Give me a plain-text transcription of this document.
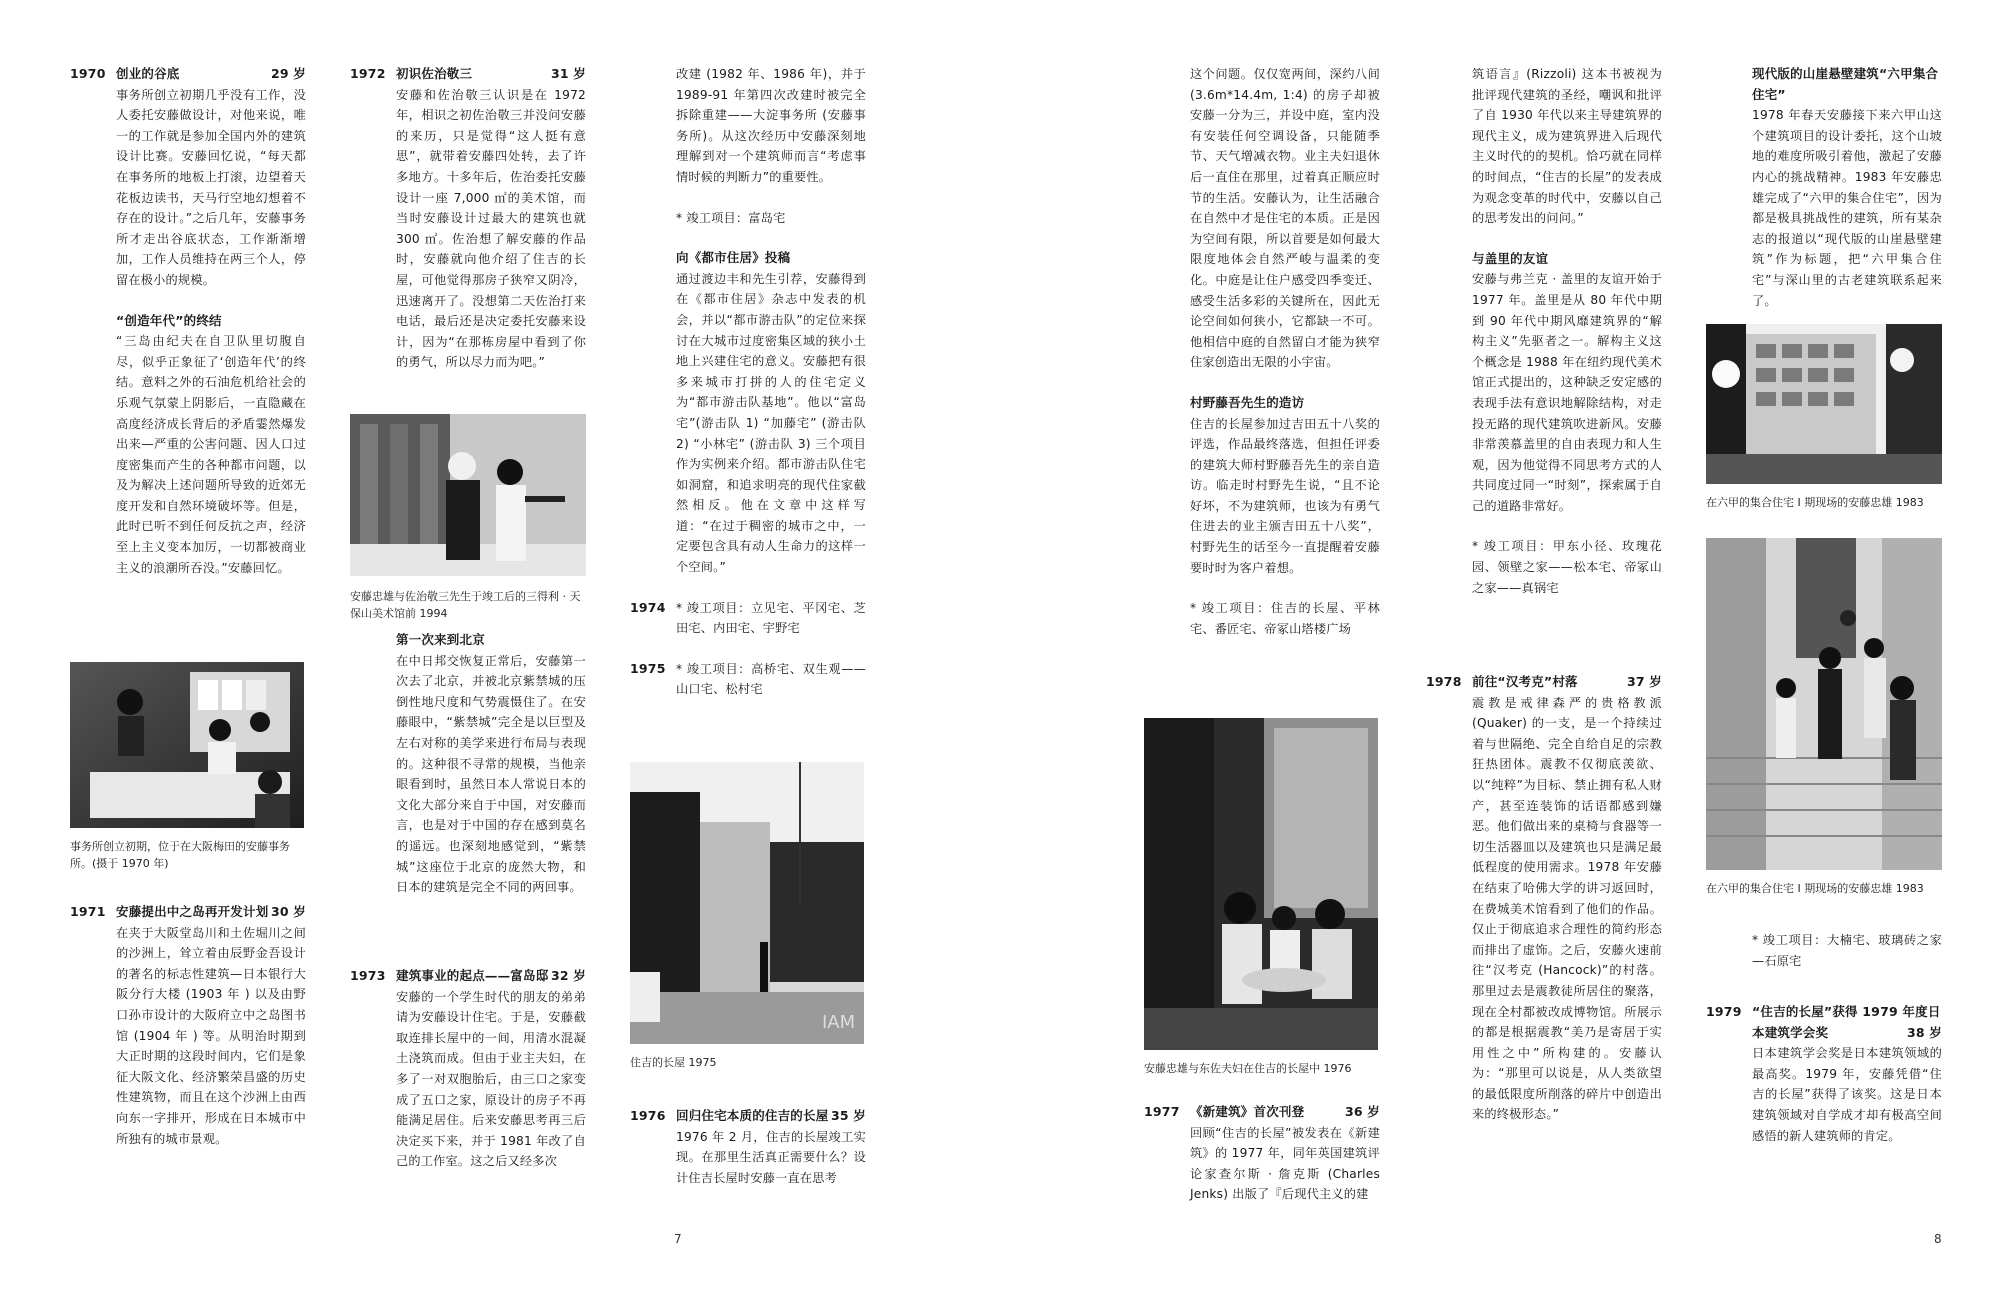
1970 创业的谷底	29 岁

事务所创立初期几乎没有工作，没人委托安藤做设计，对他来说，唯一的工作就是参加全国内外的建筑设计比赛。安藤回忆说，“每天都在事务所的地板上打滚，边望着天花板边读书，天马行空地幻想着不存在的设计。”之后几年，安藤事务所才走出谷底状态，工作渐渐增加，工作人员维持在两三个人，停留在极小的规模。

“创造年代”的终结

“三岛由纪夫在自卫队里切腹自尽，似乎正象征了‘创造年代’的终结。意料之外的石油危机给社会的乐观气氛蒙上阴影后，一直隐藏在高度经济成长背后的矛盾霎然爆发出来—严重的公害问题、因人口过度密集而产生的各种都市问题，以及为解决上述问题所导致的近郊无度开发和自然环境破坏等。但是，此时已听不到任何反抗之声，经济至上主义变本加厉，一切都被商业主义的浪潮所吞没。”安藤回忆。

事务所创立初期，位于在大阪梅田的安藤事务所。(摄于 1970 年)
1971 安藤提出中之岛再开发计划 30 岁

在夹于大阪堂岛川和土佐堀川之间的沙洲上，耸立着由辰野金吾设计的著名的标志性建筑—日本银行大阪分行大楼 (1903 年 ) 以及由野口孙市设计的大阪府立中之岛图书馆 (1904 年 ) 等。从明治时期到大正时期的这段时间内，它们是象征大阪文化、经济繁荣昌盛的历史性建筑物，而且在这个沙洲上由西向东一字排开，形成在日本城市中所独有的城市景观。

1972 初识佐治敬三	31 岁

安藤和佐治敬三认识是在 1972 年，相识之初佐治敬三并没问安藤的来历，只是觉得“这人挺有意思”，就带着安藤四处转，去了许多地方。十多年后，佐治委托安藤设计一座 7,000 ㎡的美术馆，而当时安藤设计过最大的建筑也就 300 ㎡。佐治想了解安藤的作品时，安藤就向他介绍了住吉的长屋，可他觉得那房子狭窄又阴冷，迅速离开了。没想第二天佐治打来电话，最后还是决定委托安藤来设计，因为“在那栋房屋中看到了你的勇气，所以尽力而为吧。”

安藤忠雄与佐治敬三先生于竣工后的三得利 · 天保山美术馆前 1994
第一次来到北京

在中日邦交恢复正常后，安藤第一次去了北京，并被北京紫禁城的压倒性地尺度和气势震慑住了。在安藤眼中，“紫禁城”完全是以巨型及左右对称的美学来进行布局与表现的。这种很不寻常的规模，当他亲眼看到时，虽然日本人常说日本的文化大部分来自于中国，对安藤而言，也是对于中国的存在感到莫名的遥远。也深刻地感觉到，“紫禁城”这座位于北京的庞然大物，和日本的建筑是完全不同的两回事。

1973 建筑事业的起点——富岛邸 32 岁

安藤的一个学生时代的朋友的弟弟请为安藤设计住宅。于是，安藤截取连排长屋中的一间，用清水混凝土浇筑而成。但由于业主夫妇，在多了一对双胞胎后，由三口之家变成了五口之家，原设计的房子不再能满足居住。后来安藤思考再三后决定买下来，并于 1981 年改了自己的工作室。这之后又经多次

改建 (1982 年、1986 年)，并于 1989-91 年第四次改建时被完全拆除重建——大淀事务所 (安藤事务所)。从这次经历中安藤深刻地理解到对一个建筑师而言“考虑事情时候的判断力”的重要性。

* 竣工项目：富岛宅

向《都市住居》投稿

通过渡边丰和先生引荐，安藤得到在《都市住居》杂志中发表的机会，并以“都市游击队”的定位来探讨在大城市过度密集区域的狭小土地上兴建住宅的意义。安藤把有很多来城市打拼的人的住宅定义为“都市游击队基地”。他以“富岛宅”(游击队 1) “加藤宅” (游击队 2) “小林宅” (游击队 3) 三个项目作为实例来介绍。都市游击队住宅如洞窟，和追求明亮的现代住家截然相反。他在文章中这样写道：“在过于稠密的城市之中，一定要包含具有动人生命力的这样一个空间。”

1974 * 竣工项目：立见宅、平冈宅、芝田宅、内田宅、宇野宅

1975 * 竣工项目：高桥宅、双生观——山口宅、松村宅

IAM
住吉的长屋 1975
1976 回归住宅本质的住吉的长屋 35 岁

1976 年 2 月，住吉的长屋竣工实现。在那里生活真正需要什么？设计住吉长屋时安藤一直在思考

7

这个问题。仅仅宽两间，深约八间 (3.6m*14.4m, 1:4) 的房子却被安藤一分为三，并设中庭，室内没有安装任何空调设备，只能随季节、天气增减衣物。业主夫妇退休后一直住在那里，过着真正顺应时节的生活。安藤认为，让生活融合在自然中才是住宅的本质。正是因为空间有限，所以首要是如何最大限度地体会自然严峻与温柔的变化。中庭是让住户感受四季变迁、感受生活多彩的关键所在，因此无论空间如何狭小，它都缺一不可。他相信中庭的自然留白才能为狭窄住家创造出无限的小宇宙。

村野藤吾先生的造访

住吉的长屋参加过吉田五十八奖的评选，作品最终落选，但担任评委的建筑大师村野藤吾先生的亲自造访。临走时村野先生说，“且不论好坏，不为建筑师，也该为有勇气住进去的业主颁吉田五十八奖”，村野先生的话至今一直提醒着安藤要时时为客户着想。

* 竣工项目：住吉的长屋、平林宅、番匠宅、帝冢山塔楼广场

安藤忠雄与东佐夫妇在住吉的长屋中 1976
1977 《新建筑》首次刊登	36 岁

回顾“住吉的长屋”被发表在《新建筑》的 1977 年，同年英国建筑评论家查尔斯 · 詹克斯 (Charles Jenks) 出版了『后现代主义的建

筑语言』(Rizzoli) 这本书被视为批评现代建筑的圣经，嘲讽和批评了自 1930 年代以来主导建筑界的现代主义，成为建筑界进入后现代主义时代的的契机。恰巧就在同样的时间点，“住吉的长屋”的发表成为观念变革的时代中，安藤以自己的思考发出的问问。”

与盖里的友谊

安藤与弗兰克 · 盖里的友谊开始于 1977 年。盖里是从 80 年代中期到 90 年代中期风靡建筑界的“解构主义”先驱者之一。解构主义这个概念是 1988 年在纽约现代美术馆正式提出的，这种缺乏安定感的表现手法有意识地解除结构，对走投无路的现代建筑吹进新风。安藤非常羡慕盖里的自由表现力和人生观，因为他觉得不同思考方式的人共同度过同一“时刻”，探索属于自己的道路非常好。

* 竣工项目：甲东小径、玫瑰花园、领壁之家——松本宅、帝冢山之家——真锅宅

1978 前往“汉考克”村落	37 岁

震教是戒律森严的贵格教派 (Quaker) 的一支，是一个持续过着与世隔绝、完全自给自足的宗教狂热团体。震教不仅彻底羡欲、以“纯粹”为目标、禁止拥有私人财产，甚至连装饰的话语都感到嫌恶。他们做出来的桌椅与食器等一切生活器皿以及建筑也只是满足最低程度的使用需求。1978 年安藤在结束了哈佛大学的讲习返回时，在费城美术馆看到了他们的作品。仅止于彻底追求合理性的简约形态而排出了虚饰。之后，安藤火速前往“汉考克 (Hancock)”的村落。那里过去是震教徒所居住的聚落，现在全村都被改成博物馆。所展示的都是根据震教“美乃是寄居于实用性之中”所构建的。安藤认为：“那里可以说是，从人类欲望的最低限度所削落的碎片中创造出来的终极形态。”

现代版的山崖悬壁建筑“六甲集合住宅”

1978 年春天安藤接下来六甲山这个建筑项目的设计委托，这个山坡地的难度所吸引着他，激起了安藤内心的挑战精神。1983 年安藤忠雄完成了“六甲的集合住宅”，因为都是极具挑战性的建筑，所有某杂志的报道以“现代版的山崖悬壁建筑”作为标题，把“六甲集合住宅”与深山里的古老建筑联系起来了。

在六甲的集合住宅 I 期现场的安藤忠雄 1983
在六甲的集合住宅 I 期现场的安藤忠雄 1983

* 竣工项目：大楠宅、玻璃砖之家—石原宅

1979 “住吉的长屋”获得 1979 年度日本建筑学会奖	38 岁

日本建筑学会奖是日本建筑领域的最高奖。1979 年，安藤凭借“住吉的长屋”获得了该奖。这是日本建筑领域对自学成才却有极高空间感悟的新人建筑师的肯定。

8
